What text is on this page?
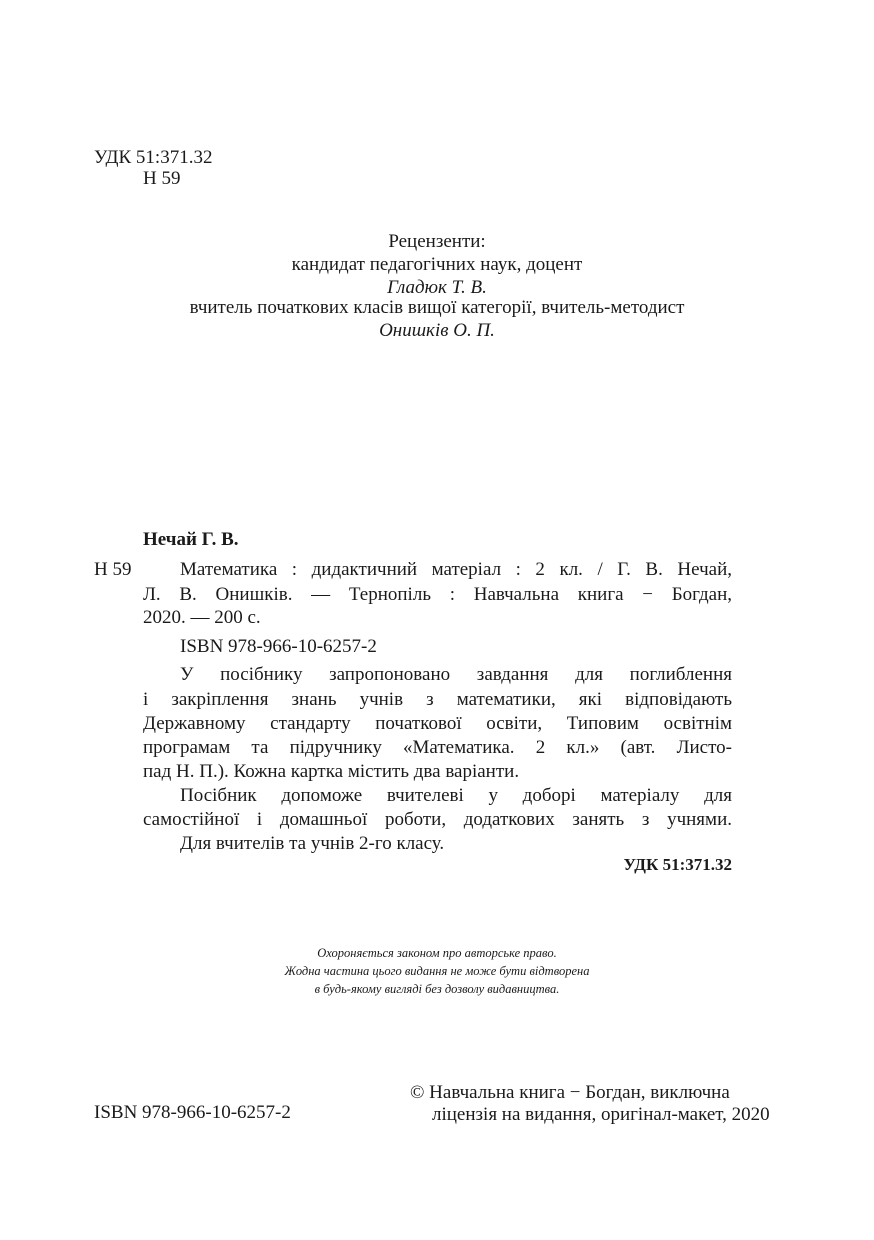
УДК 51:371.32
Н 59
Рецензенти:
кандидат педагогічних наук, доцент
Гладюк Т. В.
вчитель початкових класів вищої категорії, вчитель-методист
Онишків О. П.
Нечай Г. В.
Н 59	Математика : дидактичний матеріал : 2 кл. / Г. В. Нечай,
Л. В. Онишків. — Тернопіль : Навчальна книга − Богдан,
2020. — 200 с.
ISBN 978-966-10-6257-2
У посібнику запропоновано завдання для поглиблення
і закріплення знань учнів з математики, які відповідають
Державному стандарту початкової освіти, Типовим освітнім
програмам та підручнику «Математика. 2 кл.» (авт. Листо-
пад Н. П.). Кожна картка містить два варіанти.
Посібник допоможе вчителеві у доборі матеріалу для
самостійної і домашньої роботи, додаткових занять з учнями.
Для вчителів та учнів 2-го класу.
УДК 51:371.32
Охороняється законом про авторське право.
Жодна частина цього видання не може бути відтворена
в будь-якому вигляді без дозволу видавництва.
ISBN 978-966-10-6257-2
© Навчальна книга − Богдан, виключна
ліцензія на видання, оригінал-макет, 2020
